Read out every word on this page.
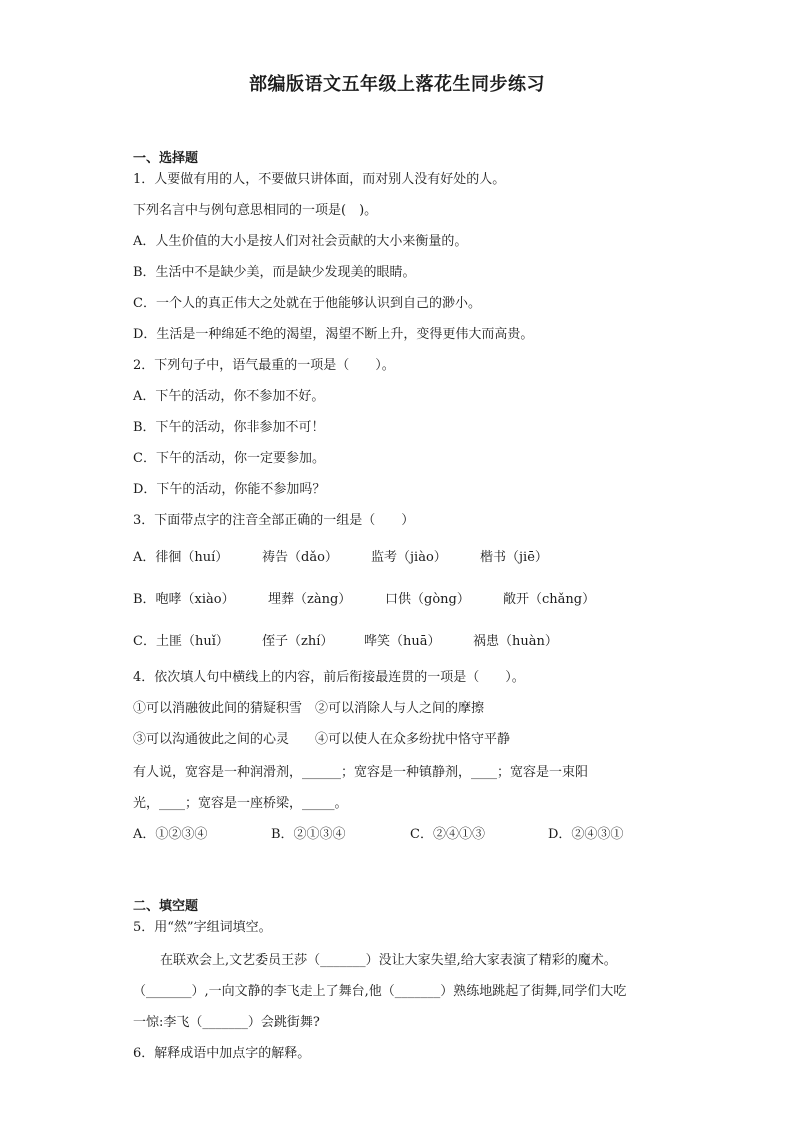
部编版语文五年级上落花生同步练习
一、选择题
1．人要做有用的人，不要做只讲体面，而对别人没有好处的人。
下列名言中与例句意思相同的一项是(　)。
A．人生价值的大小是按人们对社会贡献的大小来衡量的。
B．生活中不是缺少美，而是缺少发现美的眼睛。
C．一个人的真正伟大之处就在于他能够认识到自己的渺小。
D．生活是一种绵延不绝的渴望，渴望不断上升，变得更伟大而高贵。
2．下列句子中，语气最重的一项是（　　）。
A．下午的活动，你不参加不好。
B．下午的活动，你非参加不可！
C．下午的活动，你一定要参加。
D．下午的活动，你能不参加吗？
3．下面带点字的注音全部正确的一组是（　　）
A．徘徊（huí）	祷告（dǎo）	监考（jiào）	楷书（jiē）
B．咆哮（xiào）	埋葬（zàng）	口供（gòng）	敞开（chǎng）
C．土匪（huǐ）	侄子（zhí） 哗笑（huā）	祸患（huàn）
4．依次填人句中横线上的内容，前后衔接最连贯的一项是（　　）。
①可以消融彼此间的猜疑积雪　②可以消除人与人之间的摩擦
③可以沟通彼此之间的心灵　　④可以使人在众多纷扰中恪守平静
有人说，宽容是一种润滑剂，______；宽容是一种镇静剂，____；宽容是一束阳
光，____；宽容是一座桥梁，_____。
A．①②③④	B．②①③④	C．②④①③	D．②④③①
二、填空题
5．用“然”字组词填空。
在联欢会上,文艺委员王莎（_______）没让大家失望,给大家表演了精彩的魔术。
（_______）,一向文静的李飞走上了舞台,他（_______）熟练地跳起了街舞,同学们大吃
一惊:李飞（_______）会跳街舞?
6．解释成语中加点字的解释。
